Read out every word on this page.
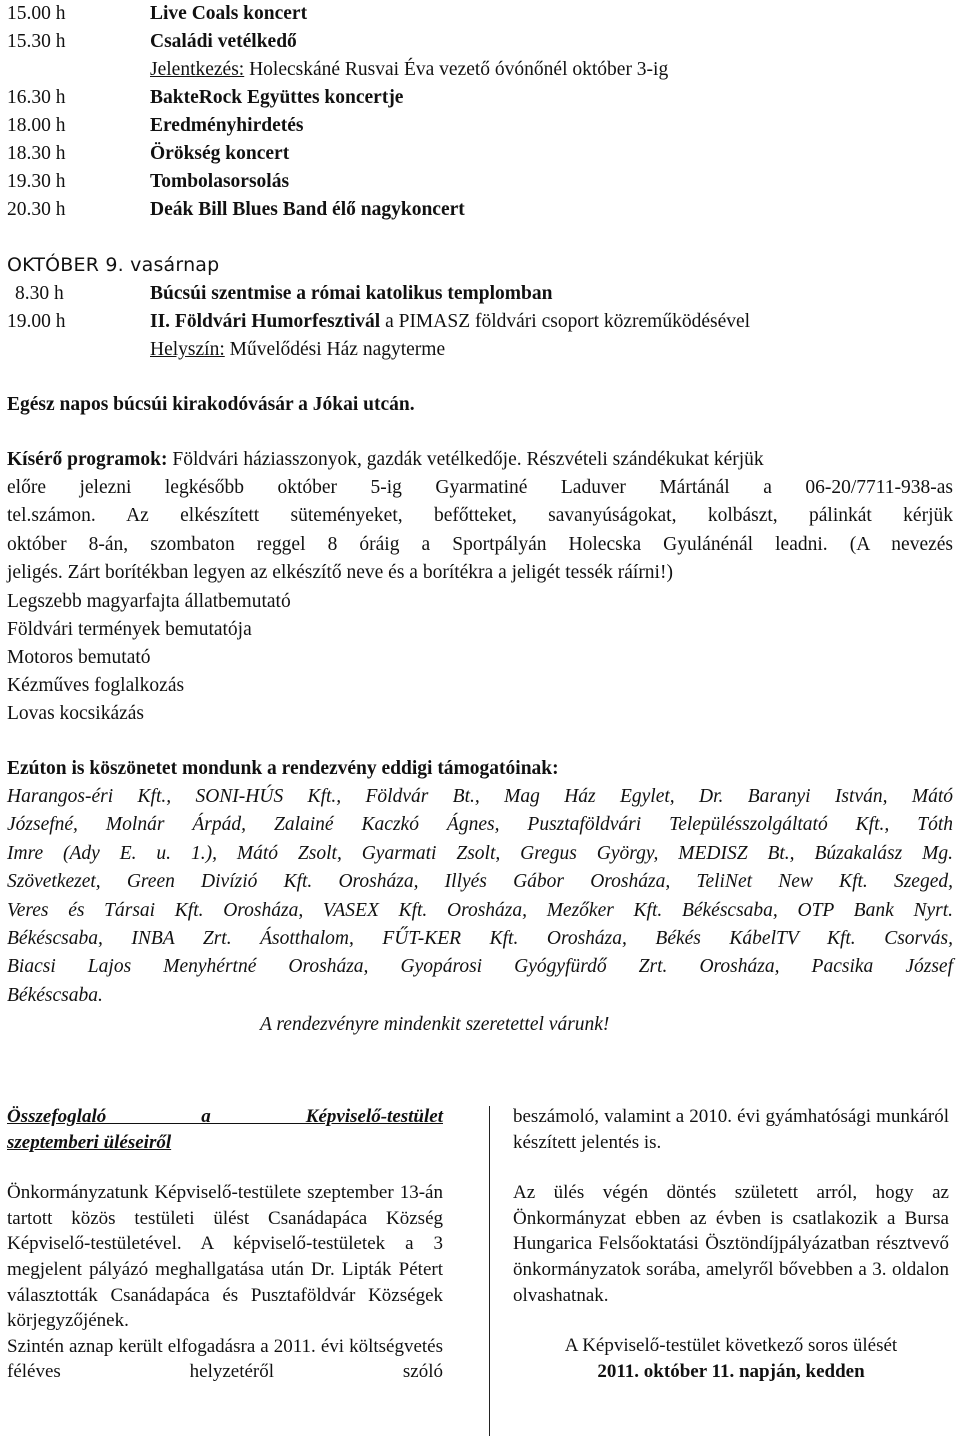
15.00 h	Live Coals koncert
15.30 h	Családi vetélkedő
Jelentkezés: Holecskáné Rusvai Éva vezető óvónőnél október 3-ig
16.30 h	BakteRock Együttes koncertje
18.00 h	Eredményhirdetés
18.30 h	Örökség koncert
19.30 h	Tombolasorsolás
20.30 h	Deák Bill Blues Band élő nagykoncert
OKTÓBER 9. vasárnap
8.30 h	Búcsúi szentmise a római katolikus templomban
19.00 h	II. Földvári Humorfesztivál a PIMASZ földvári csoport közreműködésével
Helyszín: Művelődési Ház nagyterme
Egész napos búcsúi kirakodóvásár a Jókai utcán.
Kísérő programok: Földvári háziasszonyok, gazdák vetélkedője. Részvételi szándékukat kérjük
előre jelezni legkésőbb október 5-ig Gyarmatiné Laduver Mártánál a 06-20/7711-938-as
tel.számon. Az elkészített süteményeket, befőtteket, savanyúságokat, kolbászt, pálinkát kérjük
október 8-án, szombaton reggel 8 óráig a Sportpályán Holecska Gyulánénál leadni. (A nevezés
jeligés. Zárt borítékban legyen az elkészítő neve és a borítékra a jeligét tessék ráírni!)
Legszebb magyarfajta állatbemutató
Földvári termények bemutatója
Motoros bemutató
Kézműves foglalkozás
Lovas kocsikázás
Ezúton is köszönetet mondunk a rendezvény eddigi támogatóinak:
Harangos-éri Kft., SONI-HÚS Kft., Földvár Bt., Mag Ház Egylet, Dr. Baranyi István, Mátó
Józsefné, Molnár Árpád, Zalainé Kaczkó Ágnes, Pusztaföldvári Településszolgáltató Kft., Tóth
Imre (Ady E. u. 1.), Mátó Zsolt, Gyarmati Zsolt, Gregus György, MEDISZ Bt., Búzakalász Mg.
Szövetkezet, Green Divízió Kft. Orosháza, Illyés Gábor Orosháza, TeliNet New Kft. Szeged,
Veres és Társai Kft. Orosháza, VASEX Kft. Orosháza, Mezőker Kft. Békéscsaba, OTP Bank Nyrt.
Békéscsaba, INBA Zrt. Ásotthalom, FŰT-KER Kft. Orosháza, Békés KábelTV Kft. Csorvás,
Biacsi Lajos Menyhértné Orosháza, Gyopárosi Gyógyfürdő Zrt. Orosháza, Pacsika József
Békéscsaba.
A rendezvényre mindenkit szeretettel várunk!

Összefoglaló a Képviselő-testület

szeptemberi üléseiről

Önkormányzatunk Képviselő-testülete szeptember 13-án tartott közös testületi ülést Csanádapáca Község Képviselő-testületével. A képviselő-testületek a 3 megjelent pályázó meghallgatása után Dr. Lipták Pétert választották Csanádapáca és Pusztaföldvár Községek körjegyzőjének.

Szintén aznap került elfogadásra a 2011. évi költségvetés féléves helyzetéről szóló

beszámoló, valamint a 2010. évi gyámhatósági munkáról készített jelentés is.

Az ülés végén döntés született arról, hogy az Önkormányzat ebben az évben is csatlakozik a Bursa Hungarica Felsőoktatási Ösztöndíjpályázatban résztvevő önkormányzatok sorába, amelyről bővebben a 3. oldalon olvashatnak.

A Képviselő-testület következő soros ülését

2011. október 11. napján, kedden
